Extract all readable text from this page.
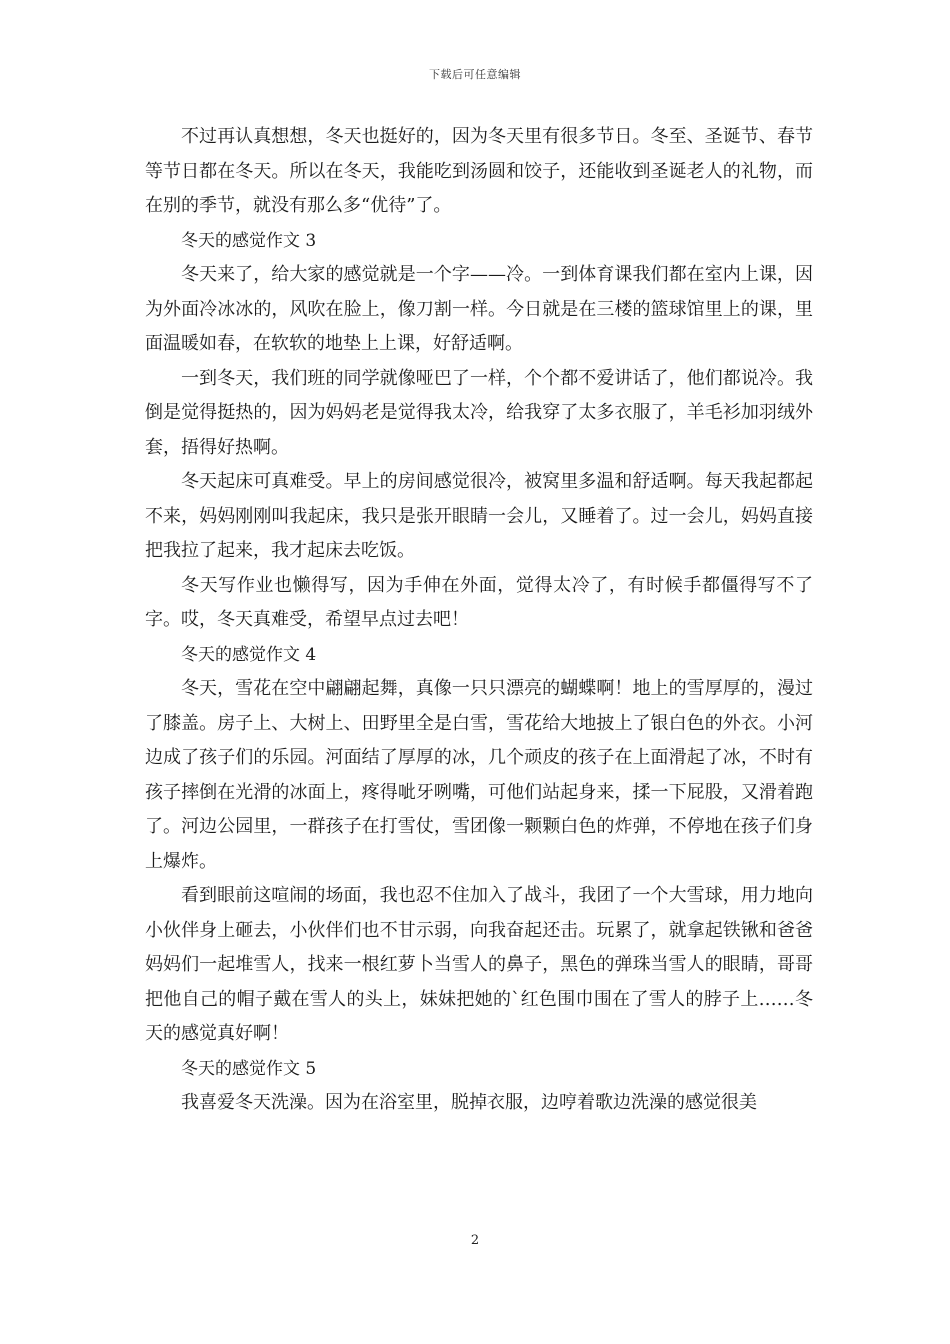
下载后可任意编辑

不过再认真想想，冬天也挺好的，因为冬天里有很多节日。冬至、圣诞节、春节等节日都在冬天。所以在冬天，我能吃到汤圆和饺子，还能收到圣诞老人的礼物，而在别的季节，就没有那么多“优待”了。

冬天的感觉作文 3

冬天来了，给大家的感觉就是一个字——冷。一到体育课我们都在室内上课，因为外面冷冰冰的，风吹在脸上，像刀割一样。今日就是在三楼的篮球馆里上的课，里面温暖如春，在软软的地垫上上课，好舒适啊。

一到冬天，我们班的同学就像哑巴了一样，个个都不爱讲话了，他们都说冷。我倒是觉得挺热的，因为妈妈老是觉得我太冷，给我穿了太多衣服了，羊毛衫加羽绒外套，捂得好热啊。

冬天起床可真难受。早上的房间感觉很冷，被窝里多温和舒适啊。每天我起都起不来，妈妈刚刚叫我起床，我只是张开眼睛一会儿，又睡着了。过一会儿，妈妈直接把我拉了起来，我才起床去吃饭。

冬天写作业也懒得写，因为手伸在外面，觉得太冷了，有时候手都僵得写不了字。哎，冬天真难受，希望早点过去吧！

冬天的感觉作文 4

冬天，雪花在空中翩翩起舞，真像一只只漂亮的蝴蝶啊！地上的雪厚厚的，漫过了膝盖。房子上、大树上、田野里全是白雪，雪花给大地披上了银白色的外衣。小河边成了孩子们的乐园。河面结了厚厚的冰，几个顽皮的孩子在上面滑起了冰，不时有孩子摔倒在光滑的冰面上，疼得呲牙咧嘴，可他们站起身来，揉一下屁股，又滑着跑了。河边公园里，一群孩子在打雪仗，雪团像一颗颗白色的炸弹，不停地在孩子们身上爆炸。

看到眼前这喧闹的场面，我也忍不住加入了战斗，我团了一个大雪球，用力地向小伙伴身上砸去，小伙伴们也不甘示弱，向我奋起还击。玩累了，就拿起铁锹和爸爸妈妈们一起堆雪人，找来一根红萝卜当雪人的鼻子，黑色的弹珠当雪人的眼睛，哥哥把他自己的帽子戴在雪人的头上，妹妹把她的`红色围巾围在了雪人的脖子上……冬天的感觉真好啊！

冬天的感觉作文 5

我喜爱冬天洗澡。因为在浴室里，脱掉衣服，边哼着歌边洗澡的感觉很美

2
